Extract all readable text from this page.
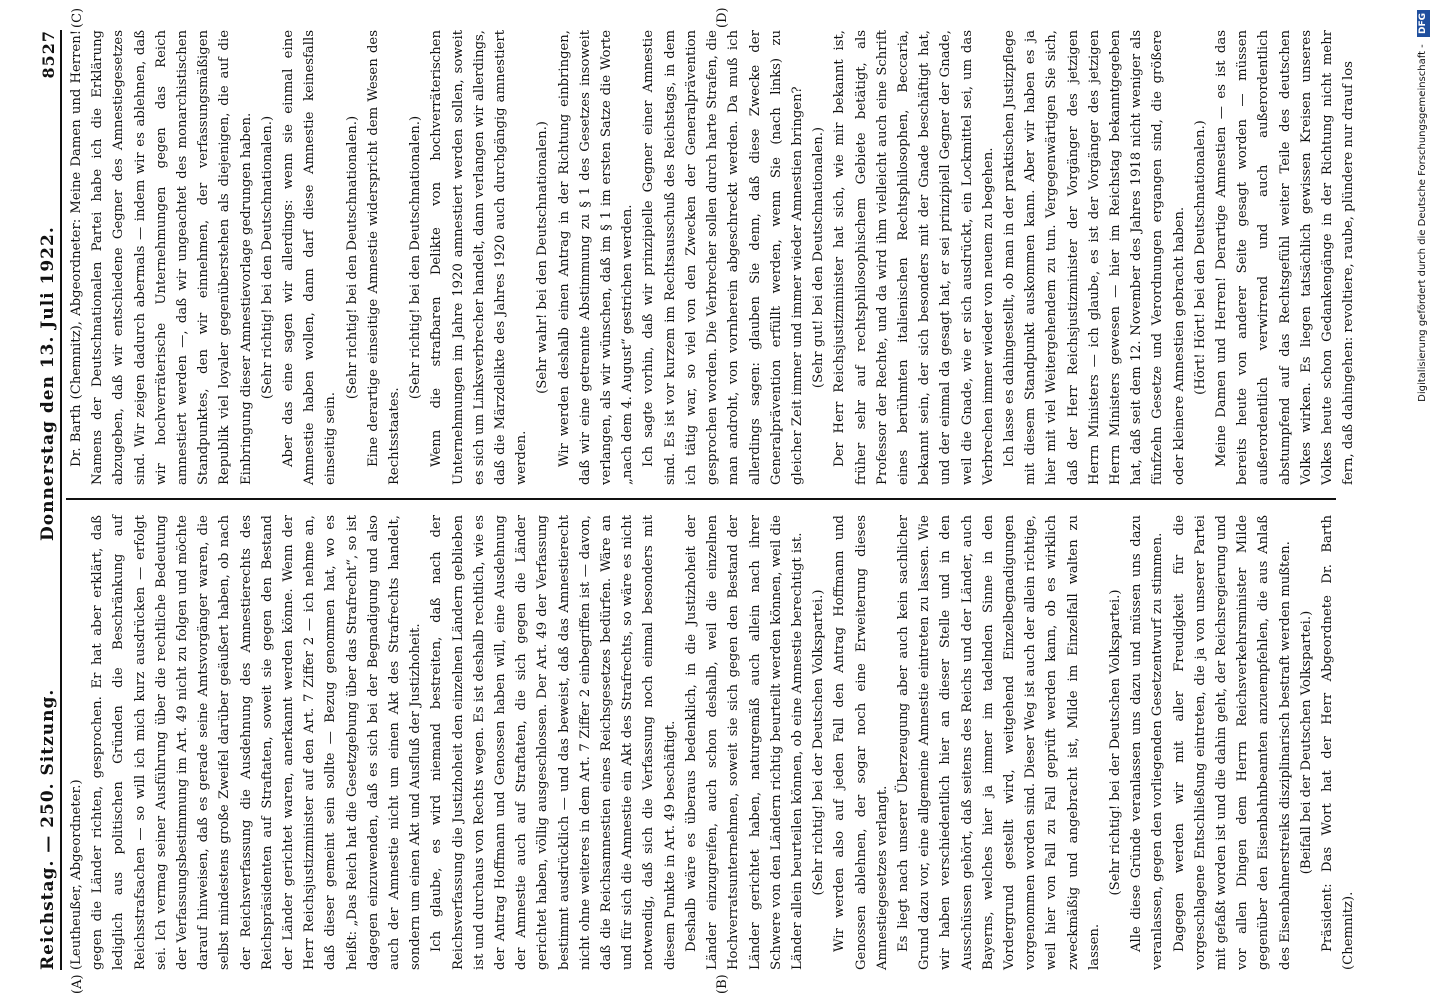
Reichstag. — 250. Sitzung.
Donnerstag den 13. Juli 1922.
8527
(A)	(B)
(C)	(D)

(Leutheußer, Abgeordneter.) gegen die Länder richten, gesprochen. Er hat aber erklärt, daß lediglich aus politischen Gründen die Beschränkung auf Reichsstrafsachen — so will ich mich kurz ausdrücken — erfolgt sei. Ich vermag seiner Ausführung über die rechtliche Bedeutung der Verfassungsbestimmung im Art. 49 nicht zu folgen und möchte darauf hinweisen, daß es gerade seine Amtsvorgänger waren, die selbst mindestens große Zweifel darüber geäußert haben, ob nach der Reichsverfassung die Ausdehnung des Amnestierechts des Reichspräsidenten auf Straftaten, soweit sie gegen den Bestand der Länder gerichtet waren, anerkannt werden könne. Wenn der Herr Reichsjustizminister auf den Art. 7 Ziffer 2 — ich nehme an, daß dieser gemeint sein sollte — Bezug genommen hat, wo es heißt: „Das Reich hat die Gesetzgebung über das Strafrecht“, so ist dagegen einzuwenden, daß es sich bei der Begnadigung und also auch der Amnestie nicht um einen Akt des Strafrechts handelt, sondern um einen Akt und Ausfluß der Justizhoheit. Ich glaube, es wird niemand bestreiten, daß nach der Reichsverfassung die Justizhoheit den einzelnen Ländern geblieben ist und durchaus von Rechts wegen. Es ist deshalb rechtlich, wie es der Antrag Hoffmann und Genossen haben will, eine Ausdehnung der Amnestie auch auf Straftaten, die sich gegen die Länder gerichtet haben, völlig ausgeschlossen. Der Art. 49 der Verfassung bestimmt ausdrücklich — und das beweist, daß das Amnestierecht nicht ohne weiteres in dem Art. 7 Ziffer 2 einbegriffen ist — davon, daß die Reichsamnestien eines Reichsgesetzes bedürfen. Wäre an und für sich die Amnestie ein Akt des Strafrechts, so wäre es nicht notwendig, daß sich die Verfassung noch einmal besonders mit diesem Punkte in Art. 49 beschäftigt. Deshalb wäre es überaus bedenklich, in die Justizhoheit der Länder einzugreifen, auch schon deshalb, weil die einzelnen Hochverratsunternehmen, soweit sie sich gegen den Bestand der Länder gerichtet haben, naturgemäß auch allein nach ihrer Schwere von den Ländern richtig beurteilt werden können, weil die Länder allein beurteilen können, ob eine Amnestie berechtigt ist. (Sehr richtig! bei der Deutschen Volkspartei.) Wir werden also auf jeden Fall den Antrag Hoffmann und Genossen ablehnen, der sogar noch eine Erweiterung dieses Amnestiegesetzes verlangt. Es liegt nach unserer Überzeugung aber auch kein sachlicher Grund dazu vor, eine allgemeine Amnestie eintreten zu lassen. Wie wir haben verschiedentlich hier an dieser Stelle und in den Ausschüssen gehört, daß seitens des Reichs und der Länder, auch Bayerns, welches hier ja immer im tadelnden Sinne in den Vordergrund gestellt wird, weitgehend Einzelbegnadigungen vorgenommen worden sind. Dieser Weg ist auch der allein richtige, weil hier von Fall zu Fall geprüft werden kann, ob es wirklich zweckmäßig und angebracht ist, Milde im Einzelfall walten zu lassen.

(Sehr richtig! bei der Deutschen Volkspartei.) Alle diese Gründe veranlassen uns dazu und müssen uns dazu veranlassen, gegen den vorliegenden Gesetzentwurf zu stimmen. Dagegen werden wir mit aller Freudigkeit für die vorgeschlagene Entschließung eintreten, die ja von unserer Partei mit gefaßt worden ist und die dahin geht, der Reichsregierung und vor allen Dingen dem Herrn Reichsverkehrsminister Milde gegenüber den Eisenbahnbeamten anzuempfehlen, die aus Anlaß des Eisenbahnerstreiks disziplinarisch bestraft werden mußten. (Beifall bei der Deutschen Volkspartei.) Präsident: Das Wort hat der Herr Abgeordnete Dr. Barth (Chemnitz).

Dr. Barth (Chemnitz), Abgeordneter: Meine Damen und Herren! Namens der Deutschnationalen Partei habe ich die Erklärung abzugeben, daß wir entschiedene Gegner des Amnestiegesetzes sind. Wir zeigen dadurch abermals — indem wir es ablehnen, daß wir hochverräterische Unternehmungen gegen das Reich amnestiert werden —, daß wir ungeachtet des monarchistischen Standpunktes, den wir einnehmen, der verfassungsmäßigen Republik viel loyaler gegenüberstehen als diejenigen, die auf die Einbringung dieser Amnestievorlage gedrungen haben. (Sehr richtig! bei den Deutschnationalen.) Aber das eine sagen wir allerdings: wenn sie einmal eine Amnestie haben wollen, dann darf diese Amnestie keinesfalls einseitig sein.

(Sehr richtig! bei den Deutschnationalen.) Eine derartige einseitige Amnestie widerspricht dem Wesen des Rechtsstaates.

(Sehr richtig! bei den Deutschnationalen.) Wenn die strafbaren Delikte von hochverräterischen Unternehmungen im Jahre 1920 amnestiert werden sollen, soweit es sich um Linksverbrecher handelt, dann verlangen wir allerdings, daß die Märzdelikte des Jahres 1920 auch durchgängig amnestiert werden.

(Sehr wahr! bei den Deutschnationalen.) Wir werden deshalb einen Antrag in der Richtung einbringen, daß wir eine getrennte Abstimmung zu § 1 des Gesetzes insoweit verlangen, als wir wünschen, daß im § 1 im ersten Satze die Worte „nach dem 4. August“ gestrichen werden. Ich sagte vorhin, daß wir prinzipielle Gegner einer Amnestie sind. Es ist vor kurzem im Rechtsausschuß des Reichstags, in dem ich tätig war, so viel von den Zwecken der Generalprävention gesprochen worden. Die Verbrecher sollen durch harte Strafen, die man androht, von vornherein abgeschreckt werden. Da muß ich allerdings sagen: glauben Sie denn, daß diese Zwecke der Generalprävention erfüllt werden, wenn Sie (nach links) zu gleicher Zeit immer und immer wieder Amnestien bringen? (Sehr gut! bei den Deutschnationalen.) Der Herr Reichsjustizminister hat sich, wie mir bekannt ist, früher sehr auf rechtsphilosophischem Gebiete betätigt, als Professor der Rechte, und da wird ihm vielleicht auch eine Schrift eines berühmten italienischen Rechtsphilosophen, Beccaria, bekannt sein, der sich besonders mit der Gnade beschäftigt hat, und der einmal da gesagt hat, er sei prinzipiell Gegner der Gnade, weil die Gnade, wie er sich ausdrückt, ein Lockmittel sei, um das Verbrechen immer wieder von neuem zu begehen. Ich lasse es dahingestellt, ob man in der praktischen Justizpflege mit diesem Standpunkt auskommen kann. Aber wir haben es ja hier mit viel Weitergehendem zu tun. Vergegenwärtigen Sie sich, daß der Herr Reichsjustizminister der Vorgänger des jetzigen Herrn Ministers — ich glaube, es ist der Vorgänger des jetzigen Herrn Ministers gewesen — hier im Reichstag bekanntgegeben hat, daß seit dem 12. November des Jahres 1918 nicht weniger als fünfzehn Gesetze und Verordnungen ergangen sind, die größere oder kleinere Amnestien gebracht haben. (Hört! Hört! bei den Deutschnationalen.) Meine Damen und Herren! Derartige Amnestien — es ist das bereits heute von anderer Seite gesagt worden — müssen außerordentlich verwirrend und auch außerordentlich abstumpfend auf das Rechtsgefühl weiter Teile des deutschen Volkes wirken. Es liegen tatsächlich gewissen Kreisen unseres Volkes heute schon Gedankengänge in der Richtung nicht mehr fern, daß dahingehen: revoltiere, raube, plündere nur drauf los	Digitalisierung gefördert durch die Deutsche Forschungsgemeinschaft - DFG
